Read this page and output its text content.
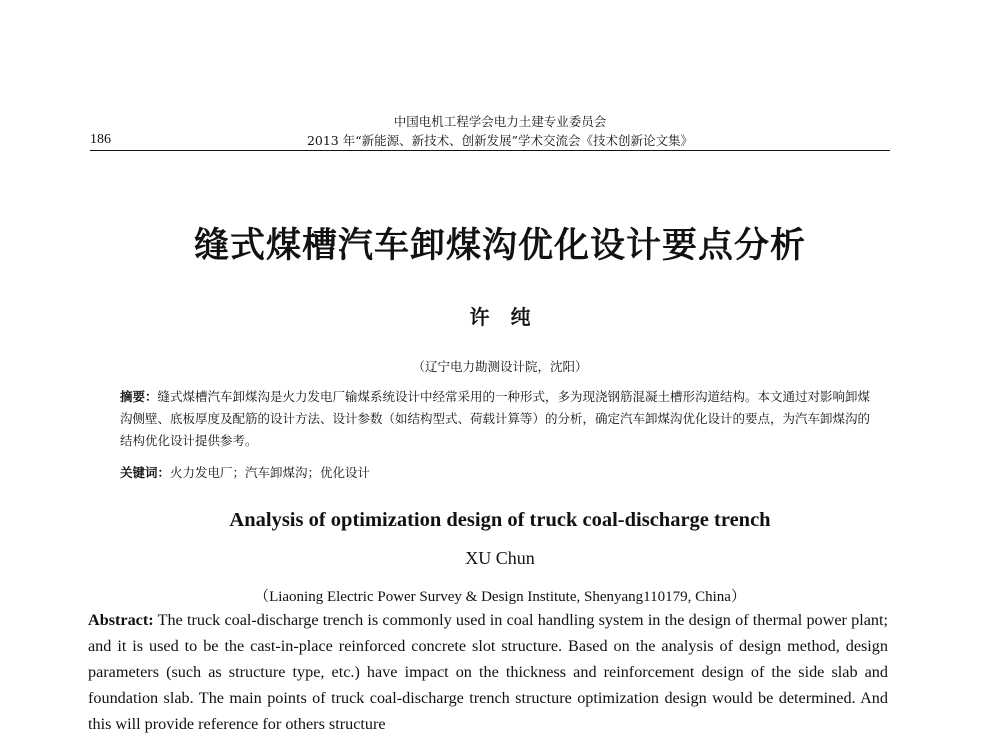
186
中国电机工程学会电力土建专业委员会
2013 年“新能源、新技术、创新发展”学术交流会《技术创新论文集》
缝式煤槽汽车卸煤沟优化设计要点分析
许 纯
（辽宁电力勘测设计院，沈阳）
摘要：缝式煤槽汽车卸煤沟是火力发电厂输煤系统设计中经常采用的一种形式，多为现浇钢筋混凝土槽形沟道结构。本文通过对影响卸煤沟侧壁、底板厚度及配筋的设计方法、设计参数（如结构型式、荷载计算等）的分析，确定汽车卸煤沟优化设计的要点，为汽车卸煤沟的结构优化设计提供参考。
关键词：火力发电厂；汽车卸煤沟；优化设计
Analysis of optimization design of truck coal-discharge trench
XU Chun
（Liaoning Electric Power Survey & Design Institute, Shenyang110179, China）
Abstract: The truck coal-discharge trench is commonly used in coal handling system in the design of thermal power plant; and it is used to be the cast-in-place reinforced concrete slot structure. Based on the analysis of design method, design parameters (such as structure type, etc.) have impact on the thickness and reinforcement design of the side slab and foundation slab. The main points of truck coal-discharge trench structure optimization design would be determined. And this will provide reference for others structure
